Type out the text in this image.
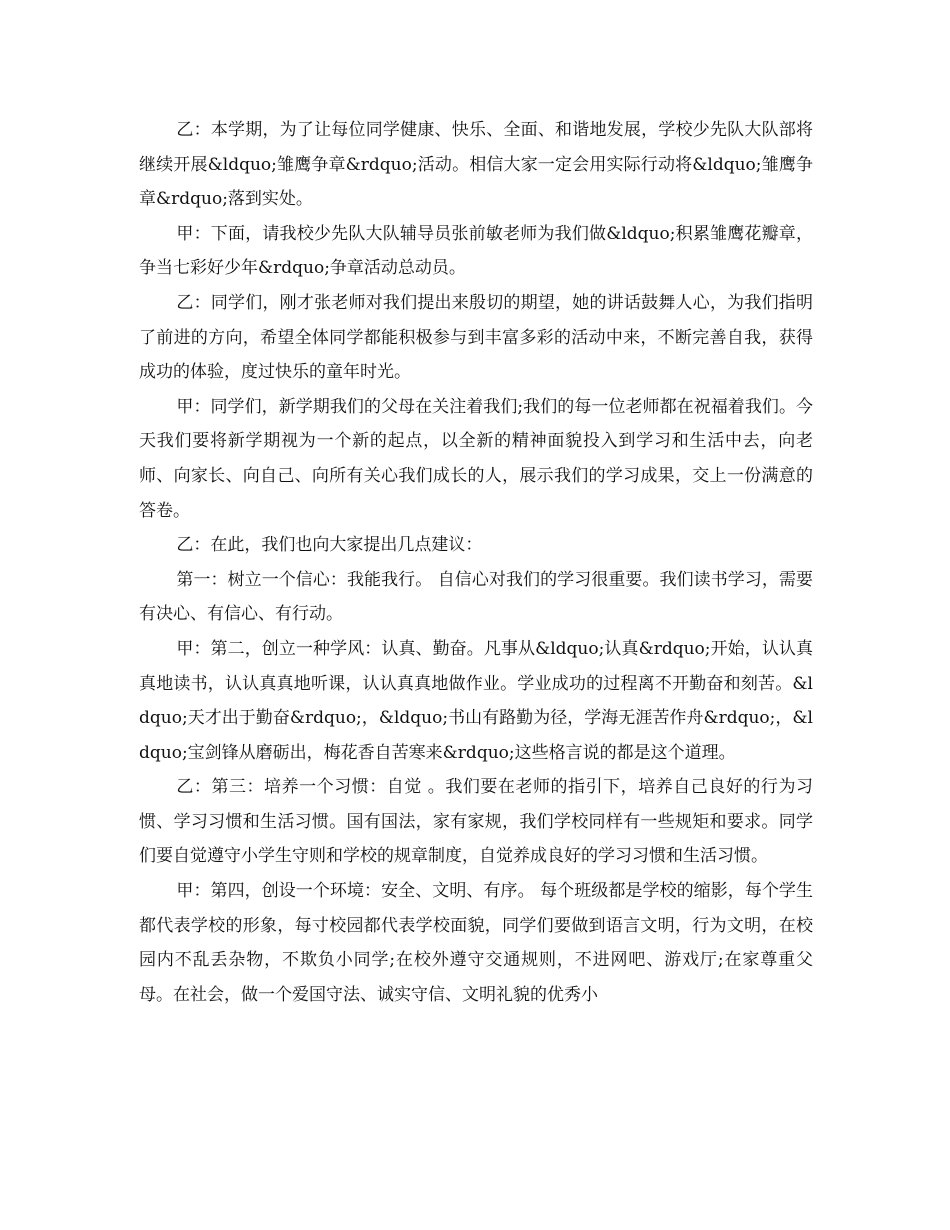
乙：本学期，为了让每位同学健康、快乐、全面、和谐地发展，学校少先队大队部将继续开展&ldquo;雏鹰争章&rdquo;活动。相信大家一定会用实际行动将&ldquo;雏鹰争章&rdquo;落到实处。

甲：下面，请我校少先队大队辅导员张前敏老师为我们做&ldquo;积累雏鹰花瓣章，争当七彩好少年&rdquo;争章活动总动员。

乙：同学们，刚才张老师对我们提出来殷切的期望，她的讲话鼓舞人心，为我们指明了前进的方向，希望全体同学都能积极参与到丰富多彩的活动中来，不断完善自我，获得成功的体验，度过快乐的童年时光。

甲：同学们，新学期我们的父母在关注着我们;我们的每一位老师都在祝福着我们。今天我们要将新学期视为一个新的起点，以全新的精神面貌投入到学习和生活中去，向老师、向家长、向自己、向所有关心我们成长的人，展示我们的学习成果，交上一份满意的答卷。

乙：在此，我们也向大家提出几点建议：

第一：树立一个信心：我能我行。 自信心对我们的学习很重要。我们读书学习，需要有决心、有信心、有行动。

甲：第二，创立一种学风：认真、勤奋。凡事从&ldquo;认真&rdquo;开始，认认真真地读书，认认真真地听课，认认真真地做作业。学业成功的过程离不开勤奋和刻苦。&ldquo;天才出于勤奋&rdquo;，&ldquo;书山有路勤为径，学海无涯苦作舟&rdquo;，&ldquo;宝剑锋从磨砺出，梅花香自苦寒来&rdquo;这些格言说的都是这个道理。

乙：第三：培养一个习惯：自觉 。我们要在老师的指引下，培养自己良好的行为习惯、学习习惯和生活习惯。国有国法，家有家规，我们学校同样有一些规矩和要求。同学们要自觉遵守小学生守则和学校的规章制度，自觉养成良好的学习习惯和生活习惯。

甲：第四，创设一个环境：安全、文明、有序。 每个班级都是学校的缩影，每个学生都代表学校的形象，每寸校园都代表学校面貌，同学们要做到语言文明，行为文明，在校园内不乱丢杂物，不欺负小同学;在校外遵守交通规则，不进网吧、游戏厅;在家尊重父母。在社会，做一个爱国守法、诚实守信、文明礼貌的优秀小
